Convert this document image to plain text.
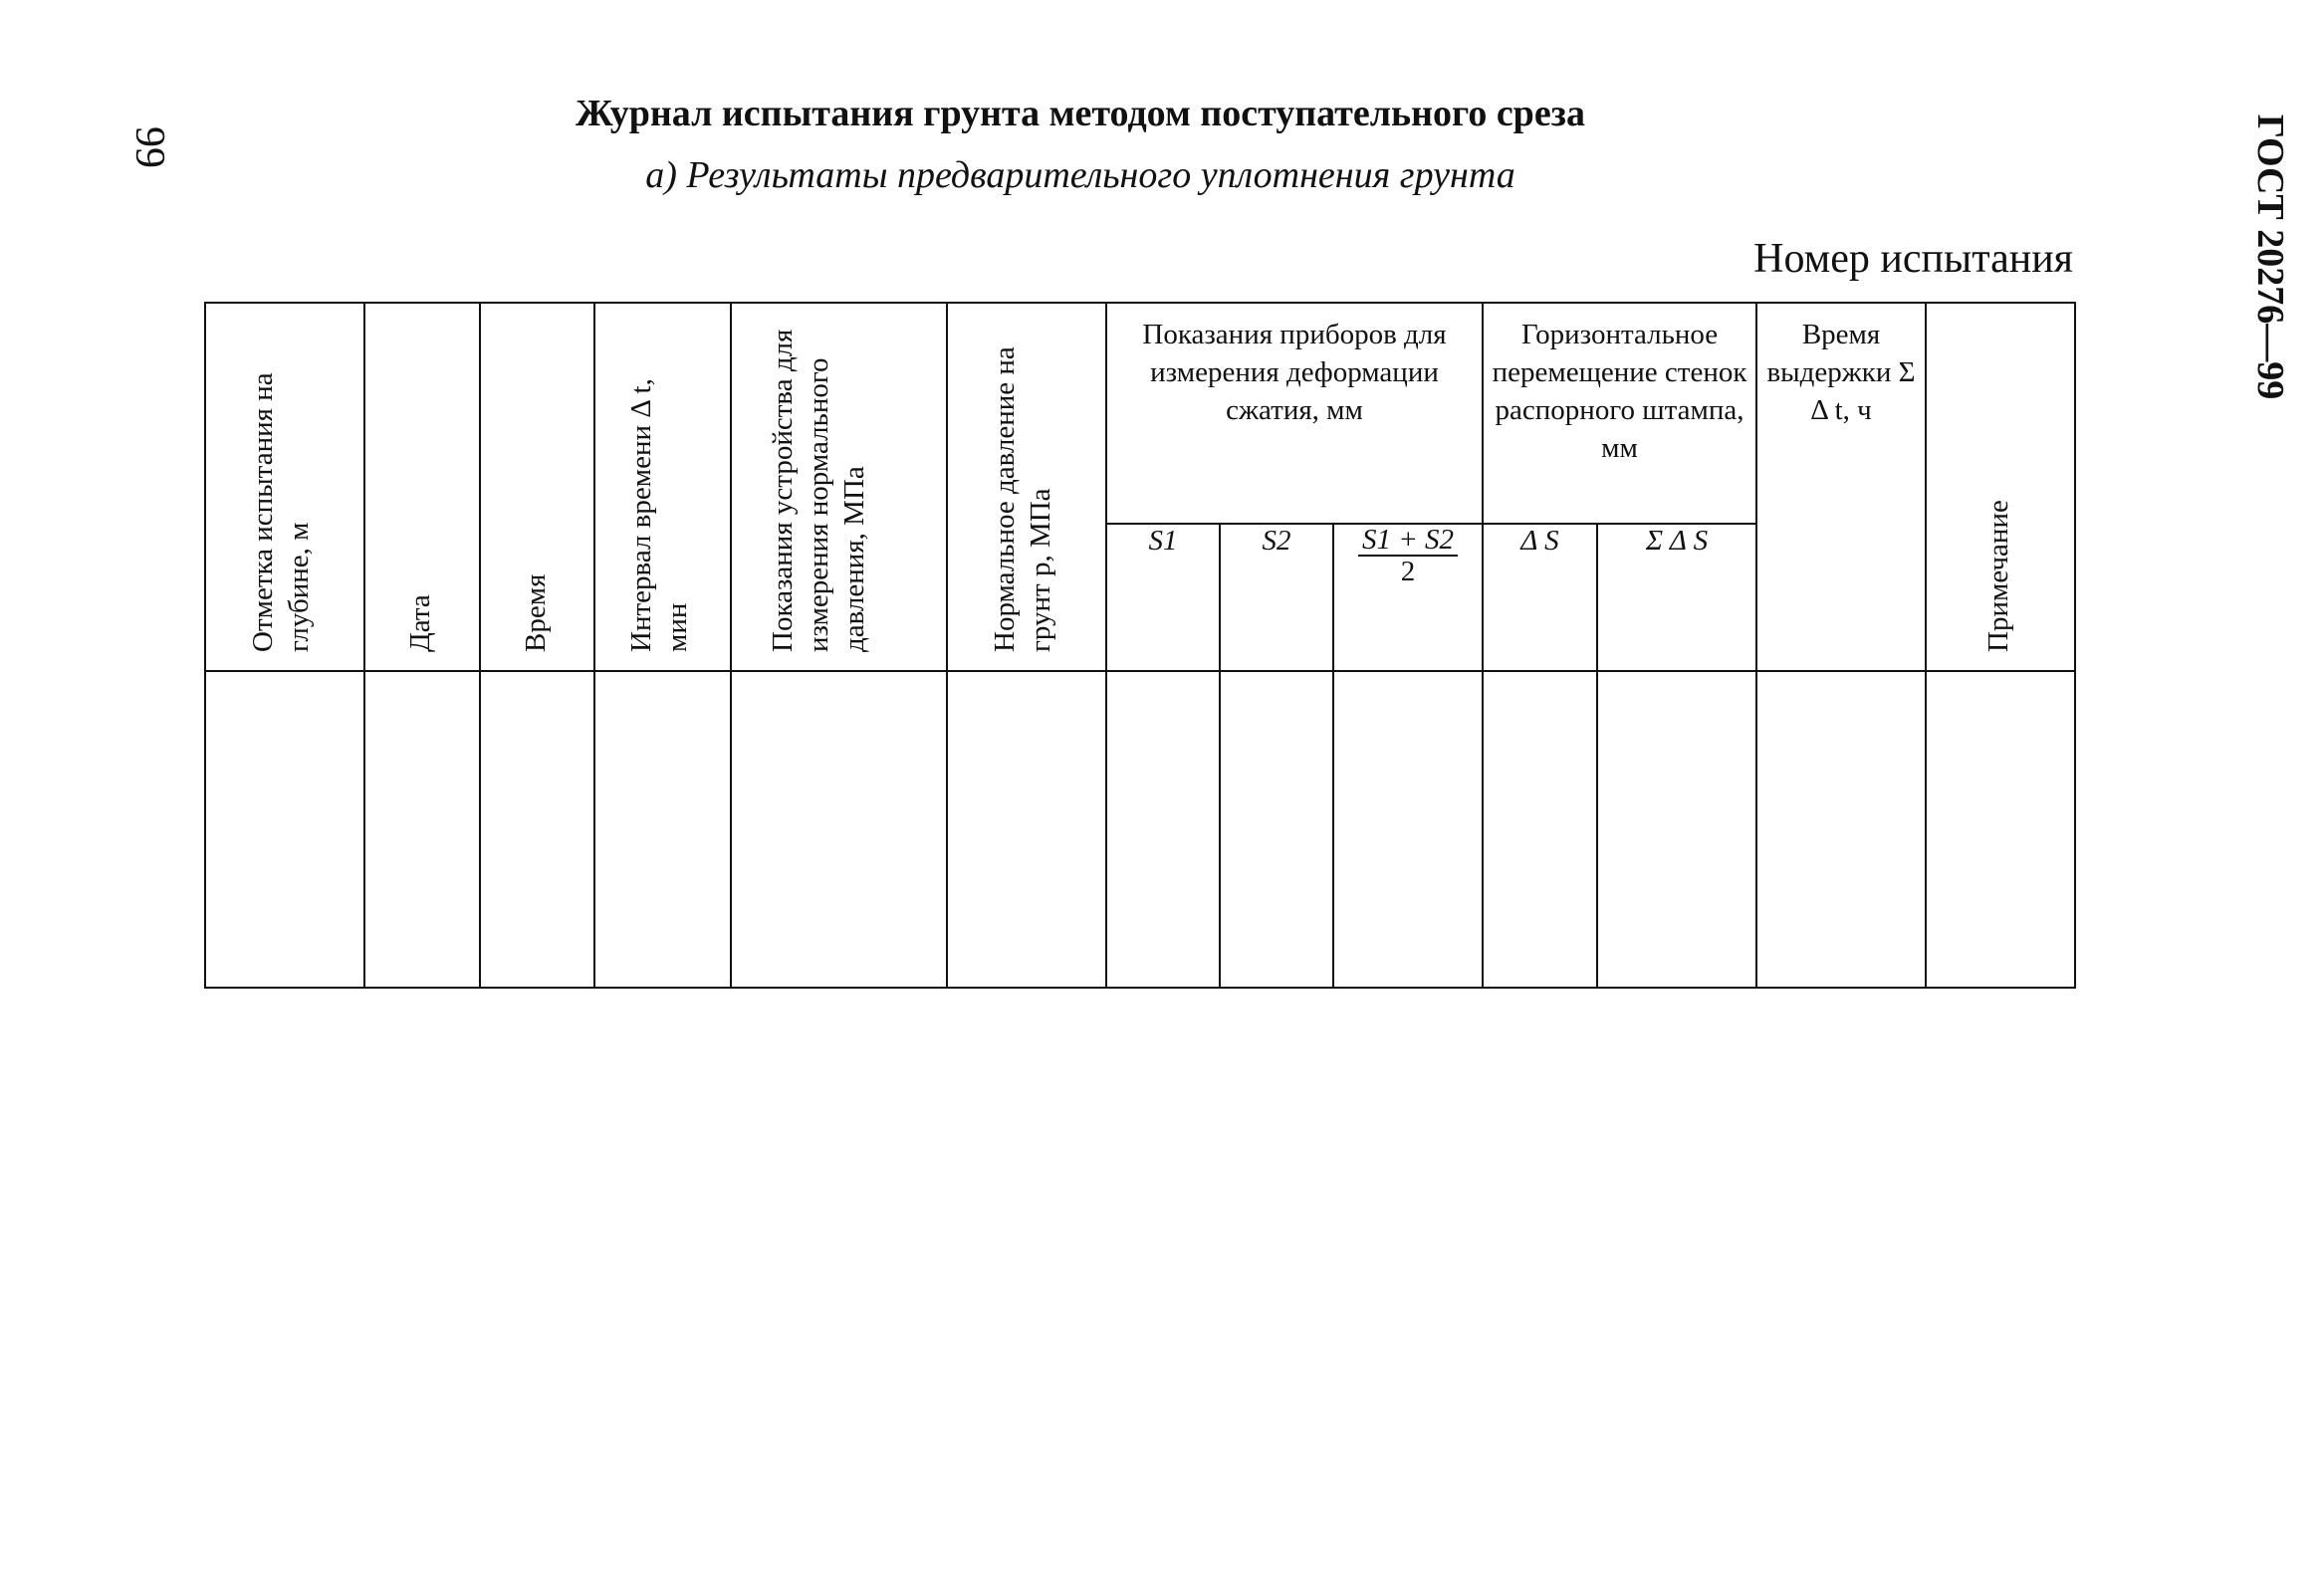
99	ГОСТ 20276—99
Журнал испытания грунта методом поступательного среза
а) Результаты предварительного уплотнения грунта
Номер испытания
Отметка испытания на глубине, м	Дата	Время	Интервал времени Δ t, мин	Показания устройства для измерения нормального давления, МПа	Нормальное давление на грунт p, МПа	Показания приборов для измерения деформации сжатия, мм			Горизонтальное перемещение стенок распорного штампа, мм		Время выдержки Σ Δ t, ч	Примечание

						S1	S2	$\frac{S1 + S2}{2}$	Δ S	Σ Δ S		
